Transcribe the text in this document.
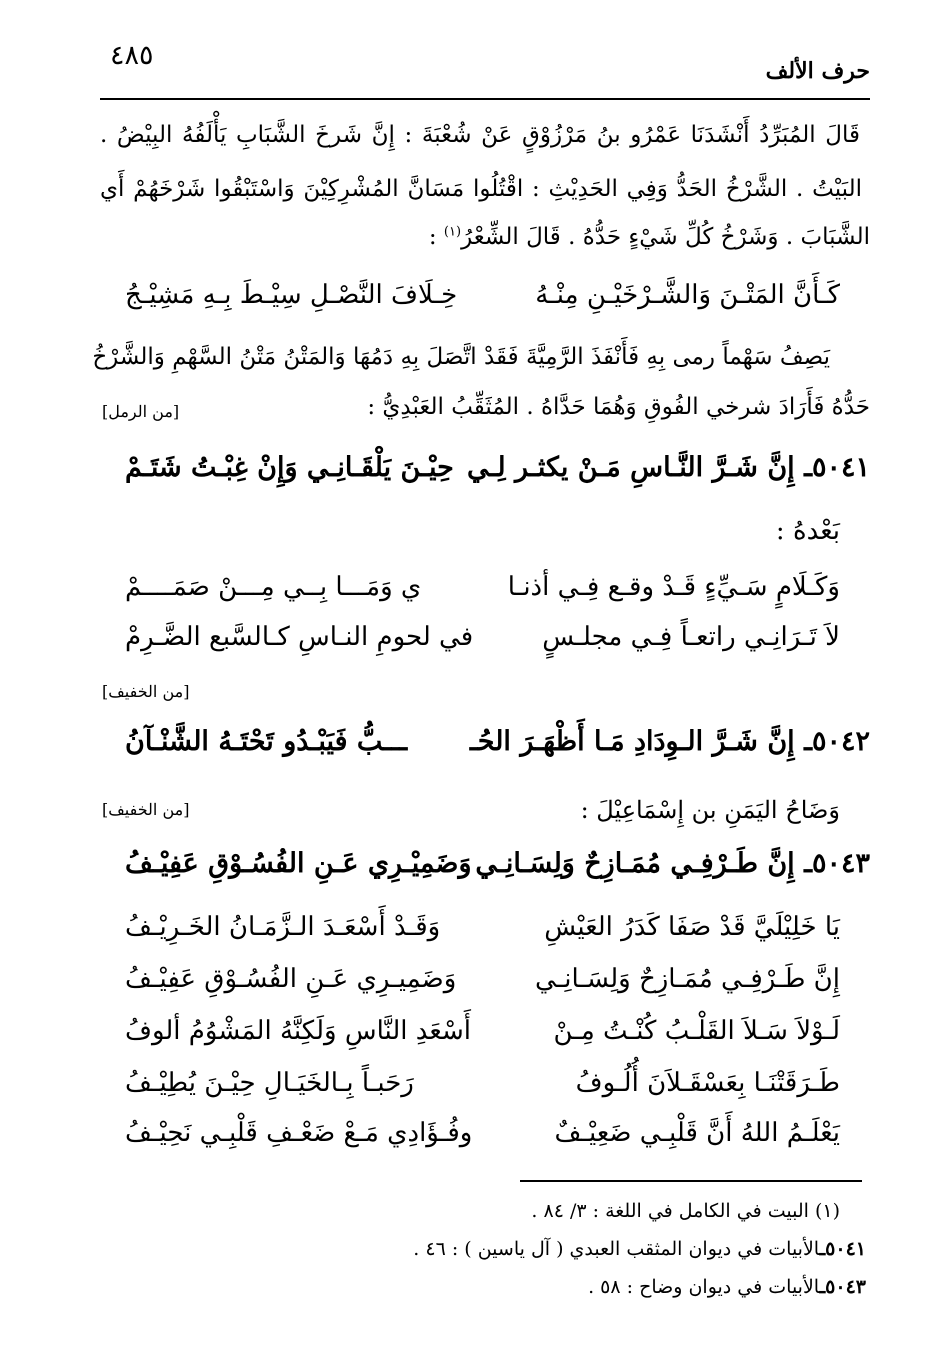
٤٨٥	حرف الألف
قَالَ المُبَرِّدُ أَنْشَدَنَا عَمْرُو بنُ مَرْزُوْقٍ عَنْ شُعْبَةَ : إِنَّ شَرخَ الشَّبَابِ يَأْلَفُهُ البِيْضُ .
البَيْتُ . الشَّرْخُ الحَدُّ وَفِي الحَدِيْثِ : اقْتُلُوا مَسَانَّ المُشْرِكِيْنَ وَاسْتَبْقُوا شَرْخَهُمْ أَي
الشَّبَابَ . وَشَرْخُ كُلِّ شَيْءٍ حَدُّهُ . قَالَ الشِّعْرُ$^{(١)}$ :
كَـأَنَّ المَتْـنَ وَالشَّـرْخَيْـنِ مِنْـهُ
خِـلَافَ النَّصْـلِ سِيْـطَ بِـهِ مَشِيْـجُ
يَصِفُ سَهْماً رمى بِهِ فَأَنْفَذَ الرَّمِيَّةَ فَقَدْ اتَّصَلَ بِهِ دَمُهَا وَالمَتْنُ مَتْنُ السَّهْمِ وَالشَّرْخُ
حَدُّهُ فَأَرَادَ شرخي الفُوقِ وَهُمَا حَدَّاهُ . المُثَقِّبُ العَبْدِيُّ :
[من الرمل]
٥٠٤١ـ إِنَّ شَـرَّ النَّـاسِ مَـنْ يكثـر لِـي
حِيْـنَ يَلْقَـانِـي وَإِنْ غِبْـتُ شَتَـمْ
بَعْدهُ :
وَكَـلَامٍ سَـيِّءٍ قَـدْ وقـع فِـي أذنـا
ي وَمَـــا بِــي مِـــنْ صَمَــــمْ
لاَ تَـرَانِـي راتعـاً فِـي مجلـسٍ
في لحومِ النـاسِ كـالسَّبع الضَّـرِمْ
[من الخفيف]
٥٠٤٢ـ إِنَّ شَـرَّ الـوِدَادِ مَـا أَظْهَـرَ الحُـ
ـــبُّ فَيَبْـدُو تَحْتَـهُ الشَّنْـآنُ
وَضَاحُ اليَمَنِ بن إِسْمَاعِيْلَ :
[من الخفيف]
٥٠٤٣ـ إِنَّ طَـرْفِـي مُمَـازِحٌ وَلِسَـانِـي
وَضَمِيْـرِي عَـنِ الفُسُـوْقِ عَفِيْـفُ
يَا خَلِيْلَيَّ قَدْ صَفَا كَدَرُ العَيْشِ
وَقَـدْ أَسْعَـدَ الـزَّمَـانُ الخَـرِيْـفُ
إِنَّ طَـرْفِـي مُمَـازِحٌ وَلِسَـانِـي
وَضَمِيـرِي عَـنِ الفُسُـوْقِ عَفِيْـفُ
لَـوْلاَ سَـلاَ القَلْـبُ كُنْـتُ مِـنْ
أَسْعَدِ النَّاسِ وَلَكِنَّهُ المَشْوُمُ ألوفُ
طَـرَقَتْنَـا بِعَسْقَـلاَنَ أُلُـوفُ
رَحَبـاً بِـالخَيَـالِ حِيْـنَ يُطِيْـفُ
يَعْلَـمُ اللهُ أَنَّ قَلْبِـي ضَعِيْـفٌ
وفُـؤَادِي مَـعْ ضَعْـفِ قَلْبِـي نَحِيْـفُ
(١) البيت في الكامل في اللغة : ٣/ ٨٤ .
٥٠٤١ـالأبيات في ديوان المثقب العبدي ( آل ياسين ) : ٤٦ .
٥٠٤٣ـالأبيات في ديوان وضاح : ٥٨ .
